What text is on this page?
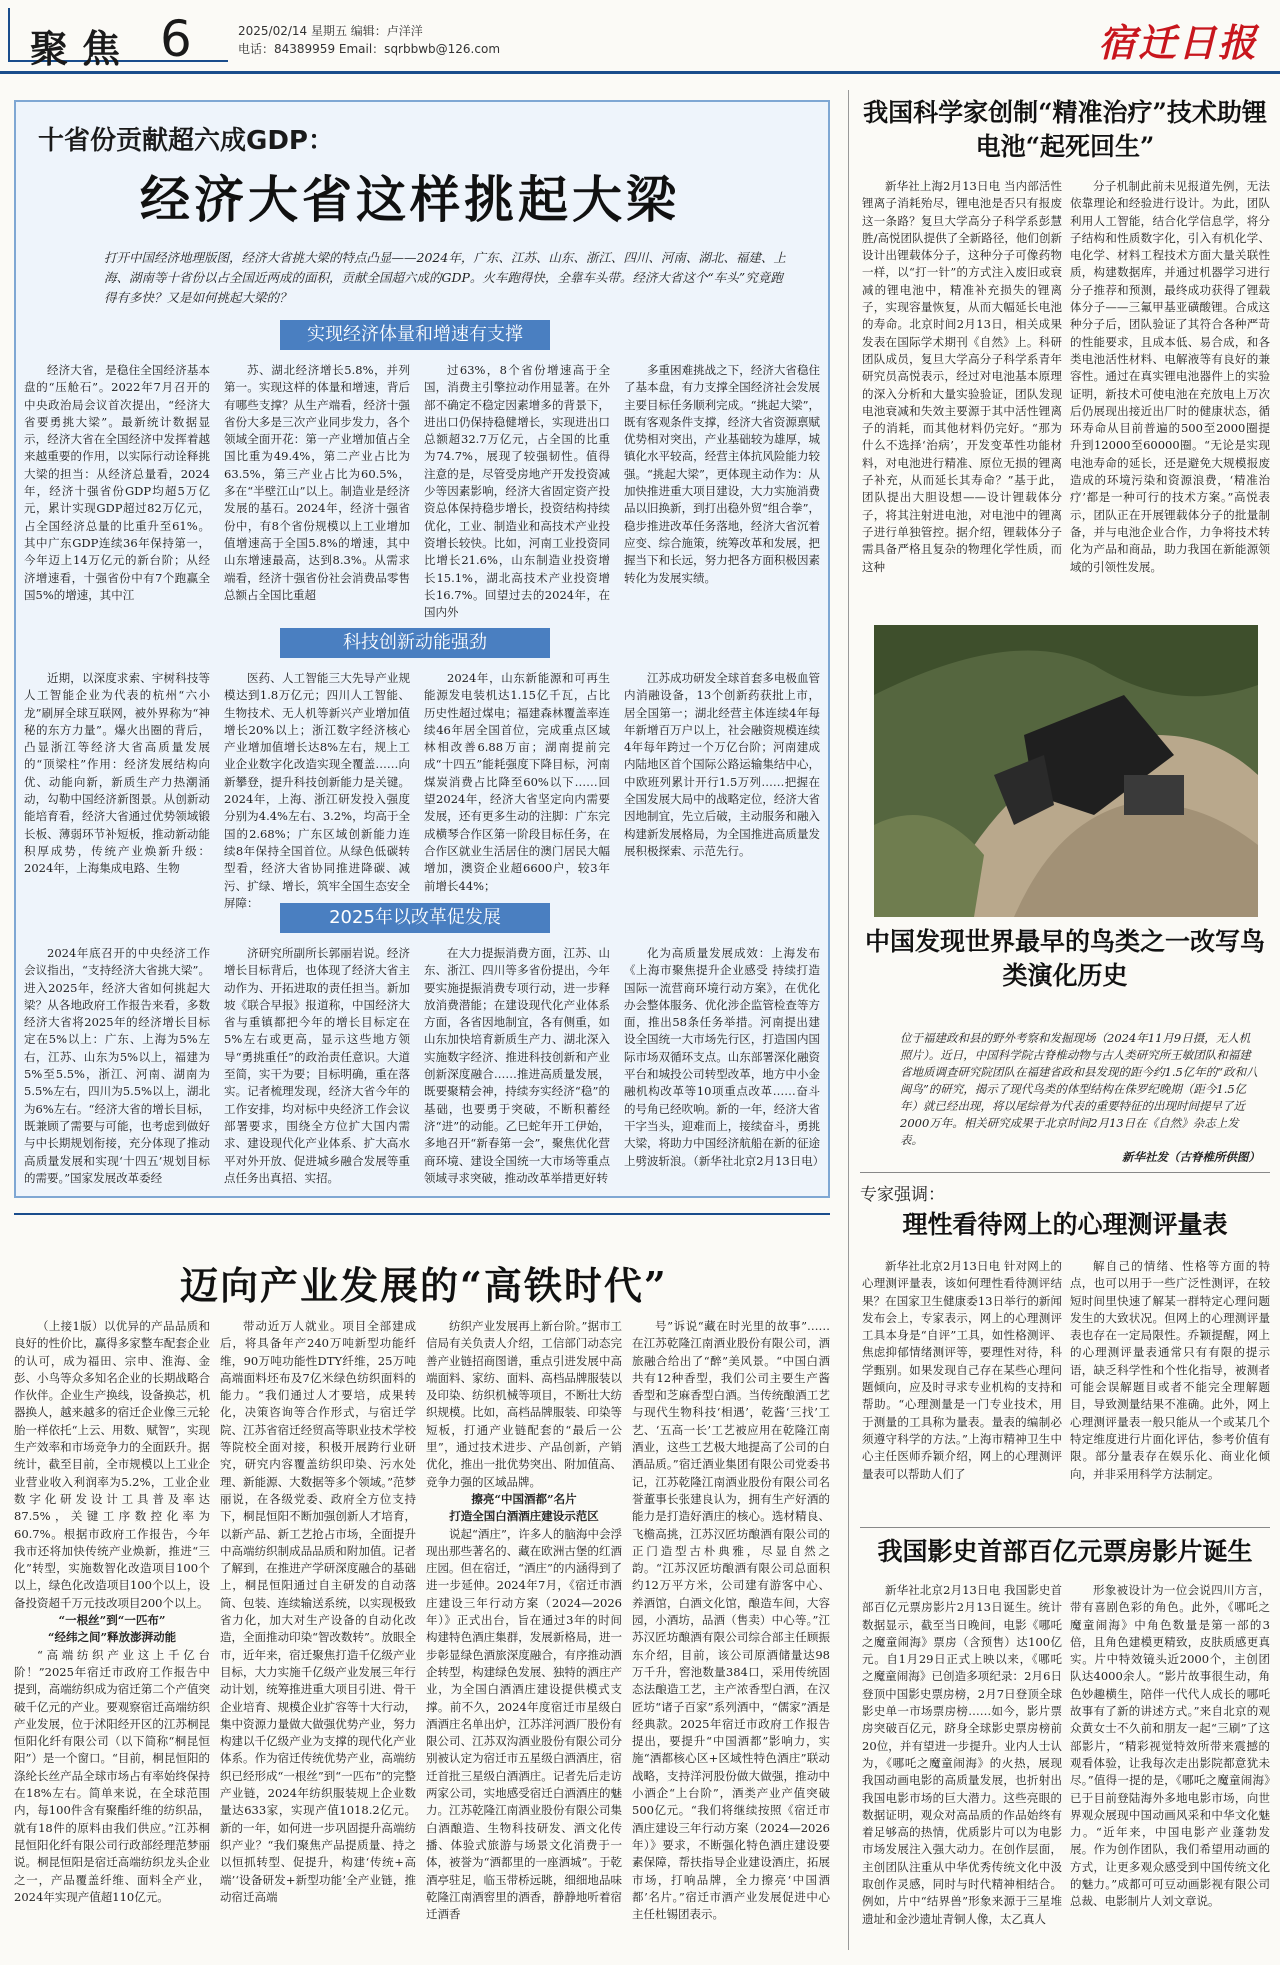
聚焦 6	2025/02/14 星期五 编辑：卢洋洋
电话：84389959 Email：sqrbbwb@126.com	宿迁日报
十省份贡献超六成GDP：
经济大省这样挑起大梁
打开中国经济地理版图，经济大省挑大梁的特点凸显——2024年，广东、江苏、山东、浙江、四川、河南、湖北、福建、上海、湖南等十省份以占全国近两成的面积，贡献全国超六成的GDP。火车跑得快，全靠车头带。经济大省这个“车头”究竟跑得有多快？又是如何挑起大梁的？
实现经济体量和增速有支撑

经济大省，是稳住全国经济基本盘的“压舱石”。2022年7月召开的中央政治局会议首次提出，“经济大省要勇挑大梁”。最新统计数据显示，经济大省在全国经济中发挥着越来越重要的作用，以实际行动诠释挑大梁的担当：从经济总量看，2024年，经济十强省份GDP均超5万亿元，累计实现GDP超过82万亿元，占全国经济总量的比重升至61%。其中广东GDP连续36年保持第一，今年迈上14万亿元的新台阶；从经济增速看，十强省份中有7个跑赢全国5%的增速，其中江

苏、湖北经济增长5.8%，并列第一。实现这样的体量和增速，背后有哪些支撑？从生产端看，经济十强省份大多是三次产业同步发力，各个领域全面开花：第一产业增加值占全国比重为49.4%，第二产业占比为63.5%，第三产业占比为60.5%，多在“半壁江山”以上。制造业是经济发展的基石。2024年，经济十强省份中，有8个省份规模以上工业增加值增速高于全国5.8%的增速，其中山东增速最高，达到8.3%。从需求端看，经济十强省份社会消费品零售总额占全国比重超

过63%，8个省份增速高于全国，消费主引擎拉动作用显著。在外部不确定不稳定因素增多的背景下，进出口仍保持稳健增长，实现进出口总额超32.7万亿元，占全国的比重为74.7%，展现了较强韧性。值得注意的是，尽管受房地产开发投资减少等因素影响，经济大省固定资产投资总体保持稳步增长，投资结构持续优化，工业、制造业和高技术产业投资增长较快。比如，河南工业投资同比增长21.6%，山东制造业投资增长15.1%，湖北高技术产业投资增长16.7%。回望过去的2024年，在国内外

多重困难挑战之下，经济大省稳住了基本盘，有力支撑全国经济社会发展主要目标任务顺利完成。“挑起大梁”，既有客观条件支撑，经济大省资源禀赋优势相对突出，产业基础较为雄厚，城镇化水平较高，经营主体抗风险能力较强。“挑起大梁”，更体现主动作为：从加快推进重大项目建设，大力实施消费品以旧换新，到打出稳外贸“组合拳”，稳步推进改革任务落地，经济大省沉着应变、综合施策，统筹改革和发展，把握当下和长远，努力把各方面积极因素转化为发展实绩。

科技创新动能强劲

近期，以深度求索、宇树科技等人工智能企业为代表的杭州“六小龙”刷屏全球互联网，被外界称为“神秘的东方力量”。爆火出圈的背后，凸显浙江等经济大省高质量发展的“顶梁柱”作用：经济发展结构向优、动能向新，新质生产力热潮涌动，勾勒中国经济新图景。从创新动能培育看，经济大省通过优势领域锻长板、薄弱环节补短板，推动新动能积厚成势，传统产业焕新升级：2024年，上海集成电路、生物

医药、人工智能三大先导产业规模达到1.8万亿元；四川人工智能、生物技术、无人机等新兴产业增加值增长20%以上；浙江数字经济核心产业增加值增长达8%左右，规上工业企业数字化改造实现全覆盖……向新攀登，提升科技创新能力是关键。2024年，上海、浙江研发投入强度分别为4.4%左右、3.2%，均高于全国的2.68%；广东区域创新能力连续8年保持全国首位。从绿色低碳转型看，经济大省协同推进降碳、减污、扩绿、增长，筑牢全国生态安全屏障：

2024年，山东新能源和可再生能源发电装机达1.15亿千瓦，占比历史性超过煤电；福建森林覆盖率连续46年居全国首位，完成重点区域林相改善6.88万亩；湖南提前完成“十四五”能耗强度下降目标，河南煤炭消费占比降至60%以下……回望2024年，经济大省坚定向内需要发展，还有更多生动的注脚：广东完成横琴合作区第一阶段目标任务，在合作区就业生活居住的澳门居民大幅增加，澳资企业超6600户，较3年前增长44%；

江苏成功研发全球首套多电极血管内消融设备，13个创新药获批上市，居全国第一；湖北经营主体连续4年每年新增百万户以上，社会融资规模连续4年每年跨过一个万亿台阶；河南建成内陆地区首个国际公路运输集结中心，中欧班列累计开行1.5万列……把握在全国发展大局中的战略定位，经济大省因地制宜，先立后破，主动服务和融入构建新发展格局，为全国推进高质量发展积极探索、示范先行。

2025年以改革促发展

2024年底召开的中央经济工作会议指出，“支持经济大省挑大梁”。进入2025年，经济大省如何挑起大梁？从各地政府工作报告来看，多数经济大省将2025年的经济增长目标定在5%以上：广东、上海为5%左右，江苏、山东为5%以上，福建为5%至5.5%，浙江、河南、湖南为5.5%左右，四川为5.5%以上，湖北为6%左右。“经济大省的增长目标，既兼顾了需要与可能，也考虑到做好与中长期规划衔接，充分体现了推动高质量发展和实现‘十四五’规划目标的需要。”国家发展改革委经

济研究所副所长郭丽岩说。经济增长目标背后，也体现了经济大省主动作为、开拓进取的责任担当。新加坡《联合早报》报道称，中国经济大省与重镇都把今年的增长目标定在5%左右或更高，显示这些地方领导“勇挑重任”的政治责任意识。大道至简，实干为要；目标明确，重在落实。记者梳理发现，经济大省今年的工作安排，均对标中央经济工作会议部署要求，围绕全方位扩大国内需求、建设现代化产业体系、扩大高水平对外开放、促进城乡融合发展等重点任务出真招、实招。

在大力提振消费方面，江苏、山东、浙江、四川等多省份提出，今年要实施提振消费专项行动，进一步释放消费潜能；在建设现代化产业体系方面，各省因地制宜，各有侧重，如山东加快培育新质生产力、湖北深入实施数字经济、推进科技创新和产业创新深度融合……推进高质量发展，既要聚精会神，持续夯实经济“稳”的基础，也要勇于突破，不断积蓄经济“进”的动能。乙巳蛇年开工伊始，多地召开“新春第一会”，聚焦优化营商环境、建设全国统一大市场等重点领域寻求突破，推动改革举措更好转

化为高质量发展成效：上海发布《上海市聚焦提升企业感受 持续打造国际一流营商环境行动方案》，在优化办会整体服务、优化涉企监管检查等方面，推出58条任务举措。河南提出建设全国统一大市场先行区，打造国内国际市场双循环支点。山东部署深化融资平台和城投公司转型改革，地方中小金融机构改革等10项重点改革……奋斗的号角已经吹响。新的一年，经济大省干字当头，迎难而上，接续奋斗，勇挑大梁，将助力中国经济航船在新的征途上劈波斩浪。（新华社北京2月13日电）

迈向产业发展的“高铁时代”

（上接1版）以优异的产品品质和良好的性价比，赢得多家整车配套企业的认可，成为福田、宗申、淮海、金彭、小鸟等众多知名企业的长期战略合作伙伴。企业生产换线，设备换芯，机器换人，越来越多的宿迁企业像三元轮胎一样依托“上云、用数、赋智”，实现生产效率和市场竞争力的全面跃升。据统计，截至目前，全市规模以上工业企业营业收入利润率为5.2%，工业企业数字化研发设计工具普及率达87.5%，关键工序数控化率为60.7%。根据市政府工作报告，今年我市还将加快传统产业焕新，推进“三化”转型，实施数智化改造项目100个以上，绿色化改造项目100个以上，设备投资超千万元技改项目200个以上。

“一根丝”到“一匹布”

“经纬之间”释放澎湃动能

“高端纺织产业这上千亿台阶！”2025年宿迁市政府工作报告中提到，高端纺织成为宿迁第二个产值突破千亿元的产业。要观察宿迁高端纺织产业发展，位于沭阳经开区的江苏桐昆恒阳化纤有限公司（以下简称“桐昆恒阳”）是一个窗口。“目前，桐昆恒阳的涤纶长丝产品全球市场占有率始终保持在18%左右。简单来说，在全球范围内，每100件含有聚酯纤维的纺织品，就有18件的原料由我们供应。”江苏桐昆恒阳化纤有限公司行政部经理范梦丽说。桐昆恒阳是宿迁高端纺织龙头企业之一，产品覆盖纤维、面料全产业，2024年实现产值超110亿元。

带动近万人就业。项目全部建成后，将具备年产240万吨新型功能纤维，90万吨功能性DTY纤维，25万吨高端面料坯布及7亿米绿色纺织面料的能力。“我们通过人才要培，成果转化，决策咨询等合作形式，与宿迁学院、江苏省宿迁经贸高等职业技术学校等院校全面对接，积极开展跨行业研究，研究内容覆盖纺织印染、污水处理、新能源、大数据等多个领域。”范梦丽说，在各级党委、政府全方位支持下，桐昆恒阳不断加强创新人才培育，以新产品、新工艺抢占市场，全面提升中高端纺织制成品品质和附加值。记者了解到，在推进产学研深度融合的基础上，桐昆恒阳通过自主研发的自动落筒、包装、连续输送系统，以实现极致省力化，加大对生产设备的自动化改造，全面推动印染“智改数转”。放眼全市，近年来，宿迁聚焦打造千亿级产业目标，大力实施千亿级产业发展三年行动计划，统筹推进重大项目引进、骨干企业培育、规模企业扩容等十大行动，集中资源力量做大做强优势产业，努力构建以千亿级产业为支撑的现代化产业体系。作为宿迁传统优势产业，高端纺织已经形成“一根丝”到“一匹布”的完整产业链，2024年纺织服装规上企业数量达633家，实现产值1018.2亿元。新的一年，如何进一步巩固提升高端纺织产业？“我们聚焦产品提质量、持之以恒抓转型、促提升，构建‘传统+高端’‘设备研发+新型功能’全产业链，推动宿迁高端

纺织产业发展再上新台阶。”据市工信局有关负责人介绍，工信部门动态完善产业链招商图谱，重点引进发展中高端面料、家纺、面料、高档品牌服装以及印染、纺织机械等项目，不断壮大纺织规模。比如，高档品牌服装、印染等短板，打通产业链配套的“最后一公里”，通过技术进步、产品创新，产销优化，推出一批优势突出、附加值高、竞争力强的区域品牌。

擦亮“中国酒都”名片

打造全国白酒酒庄建设示范区

说起“酒庄”，许多人的脑海中会浮现出那些著名的、藏在欧洲古堡的红酒庄园。但在宿迁，“酒庄”的内涵得到了进一步延伸。2024年7月，《宿迁市酒庄建设三年行动方案（2024—2026年）》正式出台，旨在通过3年的时间构建特色酒庄集群，发展新格局，进一步彰显绿色酒旅深度融合，有序推动酒企转型，构建绿色发展、独特的酒庄产业，为全国白酒酒庄建设提供模式支撑。前不久，2024年度宿迁市星级白酒酒庄名单出炉，江苏洋河酒厂股份有限公司、江苏双沟酒业股份有限公司分别被认定为宿迁市五星级白酒酒庄，宿迁首批三星级白酒酒庄。记者先后走访两家公司，实地感受宿迁白酒酒庄的魅力。江苏乾隆江南酒业股份有限公司集白酒酿造、生物科技研发、酒文化传播、体验式旅游与场景文化消费于一体，被誉为“酒都里的一座酒城”。于乾酒亭驻足，临玉带桥远眺，细细地品味乾隆江南酒窖里的酒香，静静地听着宿迁酒香

号”诉说“藏在时光里的故事”……在江苏乾隆江南酒业股份有限公司，酒旅融合给出了“醉”美风景。“中国白酒共有12种香型，我们公司主要生产酱香型和芝麻香型白酒。当传统酿酒工艺与现代生物科技‘相遇’，乾酱‘三找’工艺、‘五高一长’工艺被应用在乾隆江南酒业，这些工艺极大地提高了公司的白酒品质。”宿迁酒业集团有限公司党委书记，江苏乾隆江南酒业股份有限公司名誉董事长张建良认为，拥有生产好酒的能力是打造好酒庄的核心。选材精良、飞檐高挑，江苏汉匠坊酿酒有限公司的正门造型古朴典雅，尽显自然之韵。“江苏汉匠坊酿酒有限公司总面积约12万平方米，公司建有游客中心、养酒馆，白酒文化馆，酿造车间，大容园，小酒坊，品酒（售卖）中心等。”江苏汉匠坊酿酒有限公司综合部主任顾振东介绍，目前，该公司原酒储量达98万千升，窖池数量384口，采用传统固态法酿造工艺，主产浓香型白酒，在汉匠坊“诸子百家”系列酒中，“儒家”酒是经典款。2025年宿迁市政府工作报告提出，要提升“中国酒都”影响力，实施“酒都核心区+区域性特色酒庄”联动战略，支持洋河股份做大做强，推动中小酒企“上台阶”，酒类产业产值突破500亿元。“我们将继续按照《宿迁市酒庄建设三年行动方案（2024—2026年）》要求，不断强化特色酒庄建设要素保障，帮扶指导企业建设酒庄，拓展市场，打响品牌，全力擦亮‘中国酒都’名片。”宿迁市酒产业发展促进中心主任杜锡团表示。

我国科学家创制“精准治疗”技术助锂电池“起死回生”

新华社上海2月13日电 当内部活性锂离子消耗殆尽，锂电池是否只有报废这一条路？复旦大学高分子科学系彭慧胜/高悦团队提供了全新路径，他们创新设计出锂载体分子，这种分子可像药物一样，以“打一针”的方式注入废旧或衰减的锂电池中，精准补充损失的锂离子，实现容量恢复，从而大幅延长电池的寿命。北京时间2月13日，相关成果发表在国际学术期刊《自然》上。科研团队成员，复旦大学高分子科学系青年研究员高悦表示，经过对电池基本原理的深入分析和大量实验验证，团队发现电池衰减和失效主要源于其中活性锂离子的消耗，而其他材料仍完好。“那为什么不选择‘治病’，开发变革性功能材料，对电池进行精准、原位无损的锂离子补充，从而延长其寿命？”基于此，团队提出大胆设想——设计锂载体分子，将其注射进电池，对电池中的锂离子进行单独管控。据介绍，锂载体分子需具备严格且复杂的物理化学性质，而这种

分子机制此前未见报道先例，无法依靠理论和经验进行设计。为此，团队利用人工智能，结合化学信息学，将分子结构和性质数字化，引入有机化学、电化学、材料工程技术方面大量关联性质，构建数据库，并通过机器学习进行分子推荐和预测，最终成功获得了锂载体分子——三氟甲基亚磺酸锂。合成这种分子后，团队验证了其符合各种严苛的性能要求，且成本低、易合成，和各类电池活性材料、电解液等有良好的兼容性。通过在真实锂电池器件上的实验证明，新技术可使电池在充放电上万次后仍展现出接近出厂时的健康状态，循环寿命从目前普遍的500至2000圈提升到12000至60000圈。“无论是实现电池寿命的延长，还是避免大规模报废造成的环境污染和资源浪费，‘精准治疗’都是一种可行的技术方案。”高悦表示，团队正在开展锂载体分子的批量制备，并与电池企业合作，力争将技术转化为产品和商品，助力我国在新能源领域的引领性发展。

中国发现世界最早的鸟类之一改写鸟类演化历史

位于福建政和县的野外考察和发掘现场（2024年11月9日摄，无人机照片）。近日，中国科学院古脊椎动物与古人类研究所王敏团队和福建省地质调查研究院团队在福建省政和县发现的距今约1.5亿年的“政和八闽鸟”的研究，揭示了现代鸟类的体型结构在侏罗纪晚期（距今1.5亿年）就已经出现，将以尾综骨为代表的重要特征的出现时间提早了近2000万年。相关研究成果于北京时间2月13日在《自然》杂志上发表。

新华社发（古脊椎所供图）
专家强调：
理性看待网上的心理测评量表

新华社北京2月13日电 针对网上的心理测评量表，该如何理性看待测评结果？在国家卫生健康委13日举行的新闻发布会上，专家表示，网上的心理测评工具本身是“自评”工具，如性格测评、焦虑抑郁情绪测评等，要理性对待，科学甄别。如果发现自己存在某些心理问题倾向，应及时寻求专业机构的支持和帮助。“心理测量是一门专业技术，用于测量的工具称为量表。量表的编制必须遵守科学的方法。”上海市精神卫生中心主任医师乔颖介绍，网上的心理测评量表可以帮助人们了

解自己的情绪、性格等方面的特点，也可以用于一些广泛性测评，在较短时间里快速了解某一群特定心理问题发生的大致状况。但网上的心理测评量表也存在一定局限性。乔颖提醒，网上的心理测评量表通常只有有限的提示语，缺乏科学性和个性化指导，被测者可能会误解题目或者不能完全理解题目，导致测量结果不准确。此外，网上心理测评量表一般只能从一个或某几个特定维度进行片面化评估，参考价值有限。部分量表存在娱乐化、商业化倾向，并非采用科学方法制定。

我国影史首部百亿元票房影片诞生

新华社北京2月13日电 我国影史首部百亿元票房影片2月13日诞生。统计数据显示，截至当日晚间，电影《哪吒之魔童闹海》票房（含预售）达100亿元。自1月29日正式上映以来，《哪吒之魔童闹海》已创造多项纪录：2月6日登顶中国影史票房榜，2月7日登顶全球影史单一市场票房榜……如今，影片票房突破百亿元，跻身全球影史票房榜前20位，并有望进一步提升。业内人士认为，《哪吒之魔童闹海》的火热，展现我国动画电影的高质量发展，也折射出我国电影市场的巨大潜力。这些亮眼的数据证明，观众对高品质的作品始终有着足够高的热情，优质影片可以为电影市场发展注入强大动力。在创作层面，主创团队注重从中华优秀传统文化中汲取创作灵感，同时与时代精神相结合。例如，片中“结界兽”形象来源于三星堆遗址和金沙遗址青铜人像，太乙真人

形象被设计为一位会说四川方言，带有喜剧色彩的角色。此外，《哪吒之魔童闹海》中角色数量是第一部的3倍，且角色建模更精致，皮肤质感更真实。片中特效镜头近2000个，主创团队达4000余人。“影片故事很生动，角色妙趣横生，陪伴一代代人成长的哪吒故事有了新的讲述方式。”来自北京的观众黄女士不久前和朋友一起“三刷”了这部影片，“精彩视觉特效所带来震撼的观看体验，让我每次走出影院都意犹未尽。”值得一提的是，《哪吒之魔童闹海》已于目前登陆海外多地电影市场，向世界观众展现中国动画风采和中华文化魅力。“近年来，中国电影产业蓬勃发展。作为创作团队，我们希望用动画的方式，让更多观众感受到中国传统文化的魅力。”成都可可豆动画影视有限公司总裁、电影制片人刘文章说。
